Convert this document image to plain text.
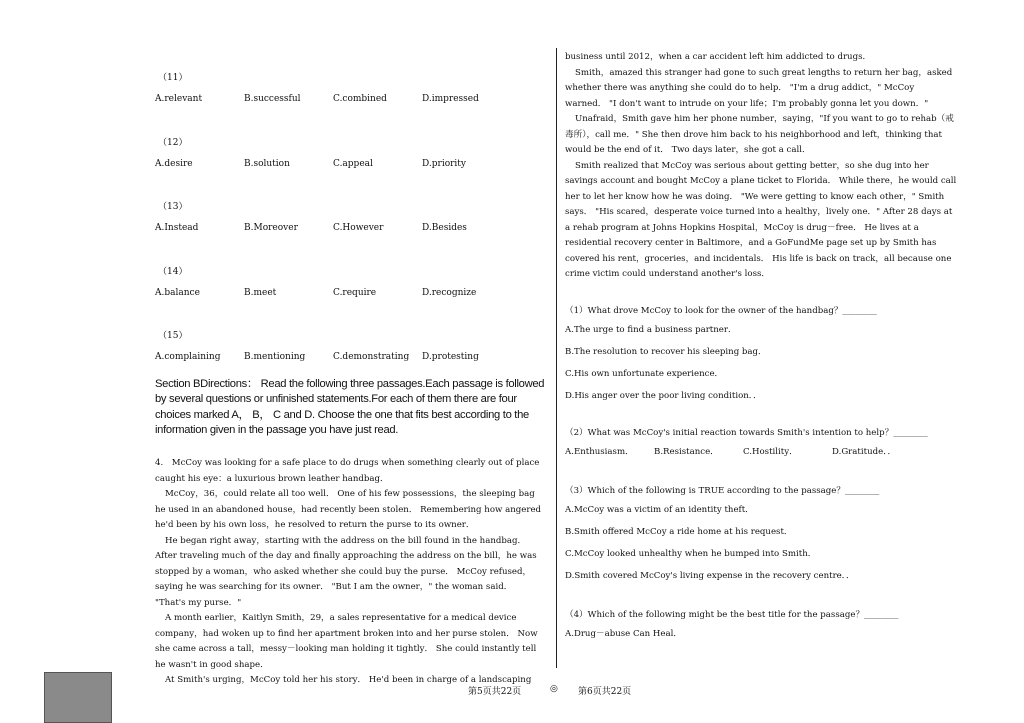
（11）
A.relevant	B.successful	C.combined	D.impressed
（12）
A.desire	B.solution	C.appeal	D.priority
（13）
A.Instead	B.Moreover	C.However	D.Besides
（14）
A.balance	B.meet	C.require	D.recognize
（15）
A.complaining	B.mentioning	C.demonstrating	D.protesting
Section BDirections： Read the following three passages.Each passage is followed by several questions or unfinished statements.For each of them there are four choices marked A， B， C and D. Choose the one that fits best according to the information given in the passage you have just read.

4.　McCoy was looking for a safe place to do drugs when something clearly out of place caught his eye：a luxurious brown leather handbag．

McCoy，36，could relate all too well． One of his few possessions，the sleeping bag he used in an abandoned house，had recently been stolen． Remembering how angered he'd been by his own loss，he resolved to return the purse to its owner．

He began right away，starting with the address on the bill found in the handbag． After traveling much of the day and finally approaching the address on the bill，he was stopped by a woman，who asked whether she could buy the purse． McCoy refused，saying he was searching for its owner． "But I am the owner，" the woman said． "That's my purse．"

A month earlier，Kaitlyn Smith，29，a sales representative for a medical device company，had woken up to find her apartment broken into and her purse stolen． Now she came across a tall，messy－looking man holding it tightly． She could instantly tell he wasn't in good shape．

At Smith's urging，McCoy told her his story． He'd been in charge of a landscaping

business until 2012，when a car accident left him addicted to drugs．

Smith，amazed this stranger had gone to such great lengths to return her bag，asked whether there was anything she could do to help． "I'm a drug addict，" McCoy warned． "I don't want to intrude on your life；I'm probably gonna let you down．"

Unafraid，Smith gave him her phone number，saying，"If you want to go to rehab（戒毒所），call me．" She then drove him back to his neighborhood and left，thinking that would be the end of it． Two days later，she got a call．

Smith realized that McCoy was serious about getting better，so she dug into her savings account and bought McCoy a plane ticket to Florida． While there，he would call her to let her know how he was doing． "We were getting to know each other，" Smith says． "His scared，desperate voice turned into a healthy，lively one．" After 28 days at a rehab program at Johns Hopkins Hospital，McCoy is drug－free． He lives at a residential recovery center in Baltimore，and a GoFundMe page set up by Smith has covered his rent，groceries，and incidentals． His life is back on track，all because one crime victim could understand another's loss．

（1）What drove McCoy to look for the owner of the handbag？________
A.The urge to find a business partner．
B.The resolution to recover his sleeping bag．
C.His own unfortunate experience．
D.His anger over the poor living condition．．
（2）What was McCoy's initial reaction towards Smith's intention to help？________
A.Enthusiasm．	B.Resistance．	C.Hostility．	D.Gratitude．．
（3）Which of the following is TRUE according to the passage？________
A.McCoy was a victim of an identity theft．
B.Smith offered McCoy a ride home at his request．
C.McCoy looked unhealthy when he bumped into Smith．
D.Smith covered McCoy's living expense in the recovery centre．．
（4）Which of the following might be the best title for the passage？________
A.Drug－abuse Can Heal．
第5页共22页	◎ 第6页共22页
